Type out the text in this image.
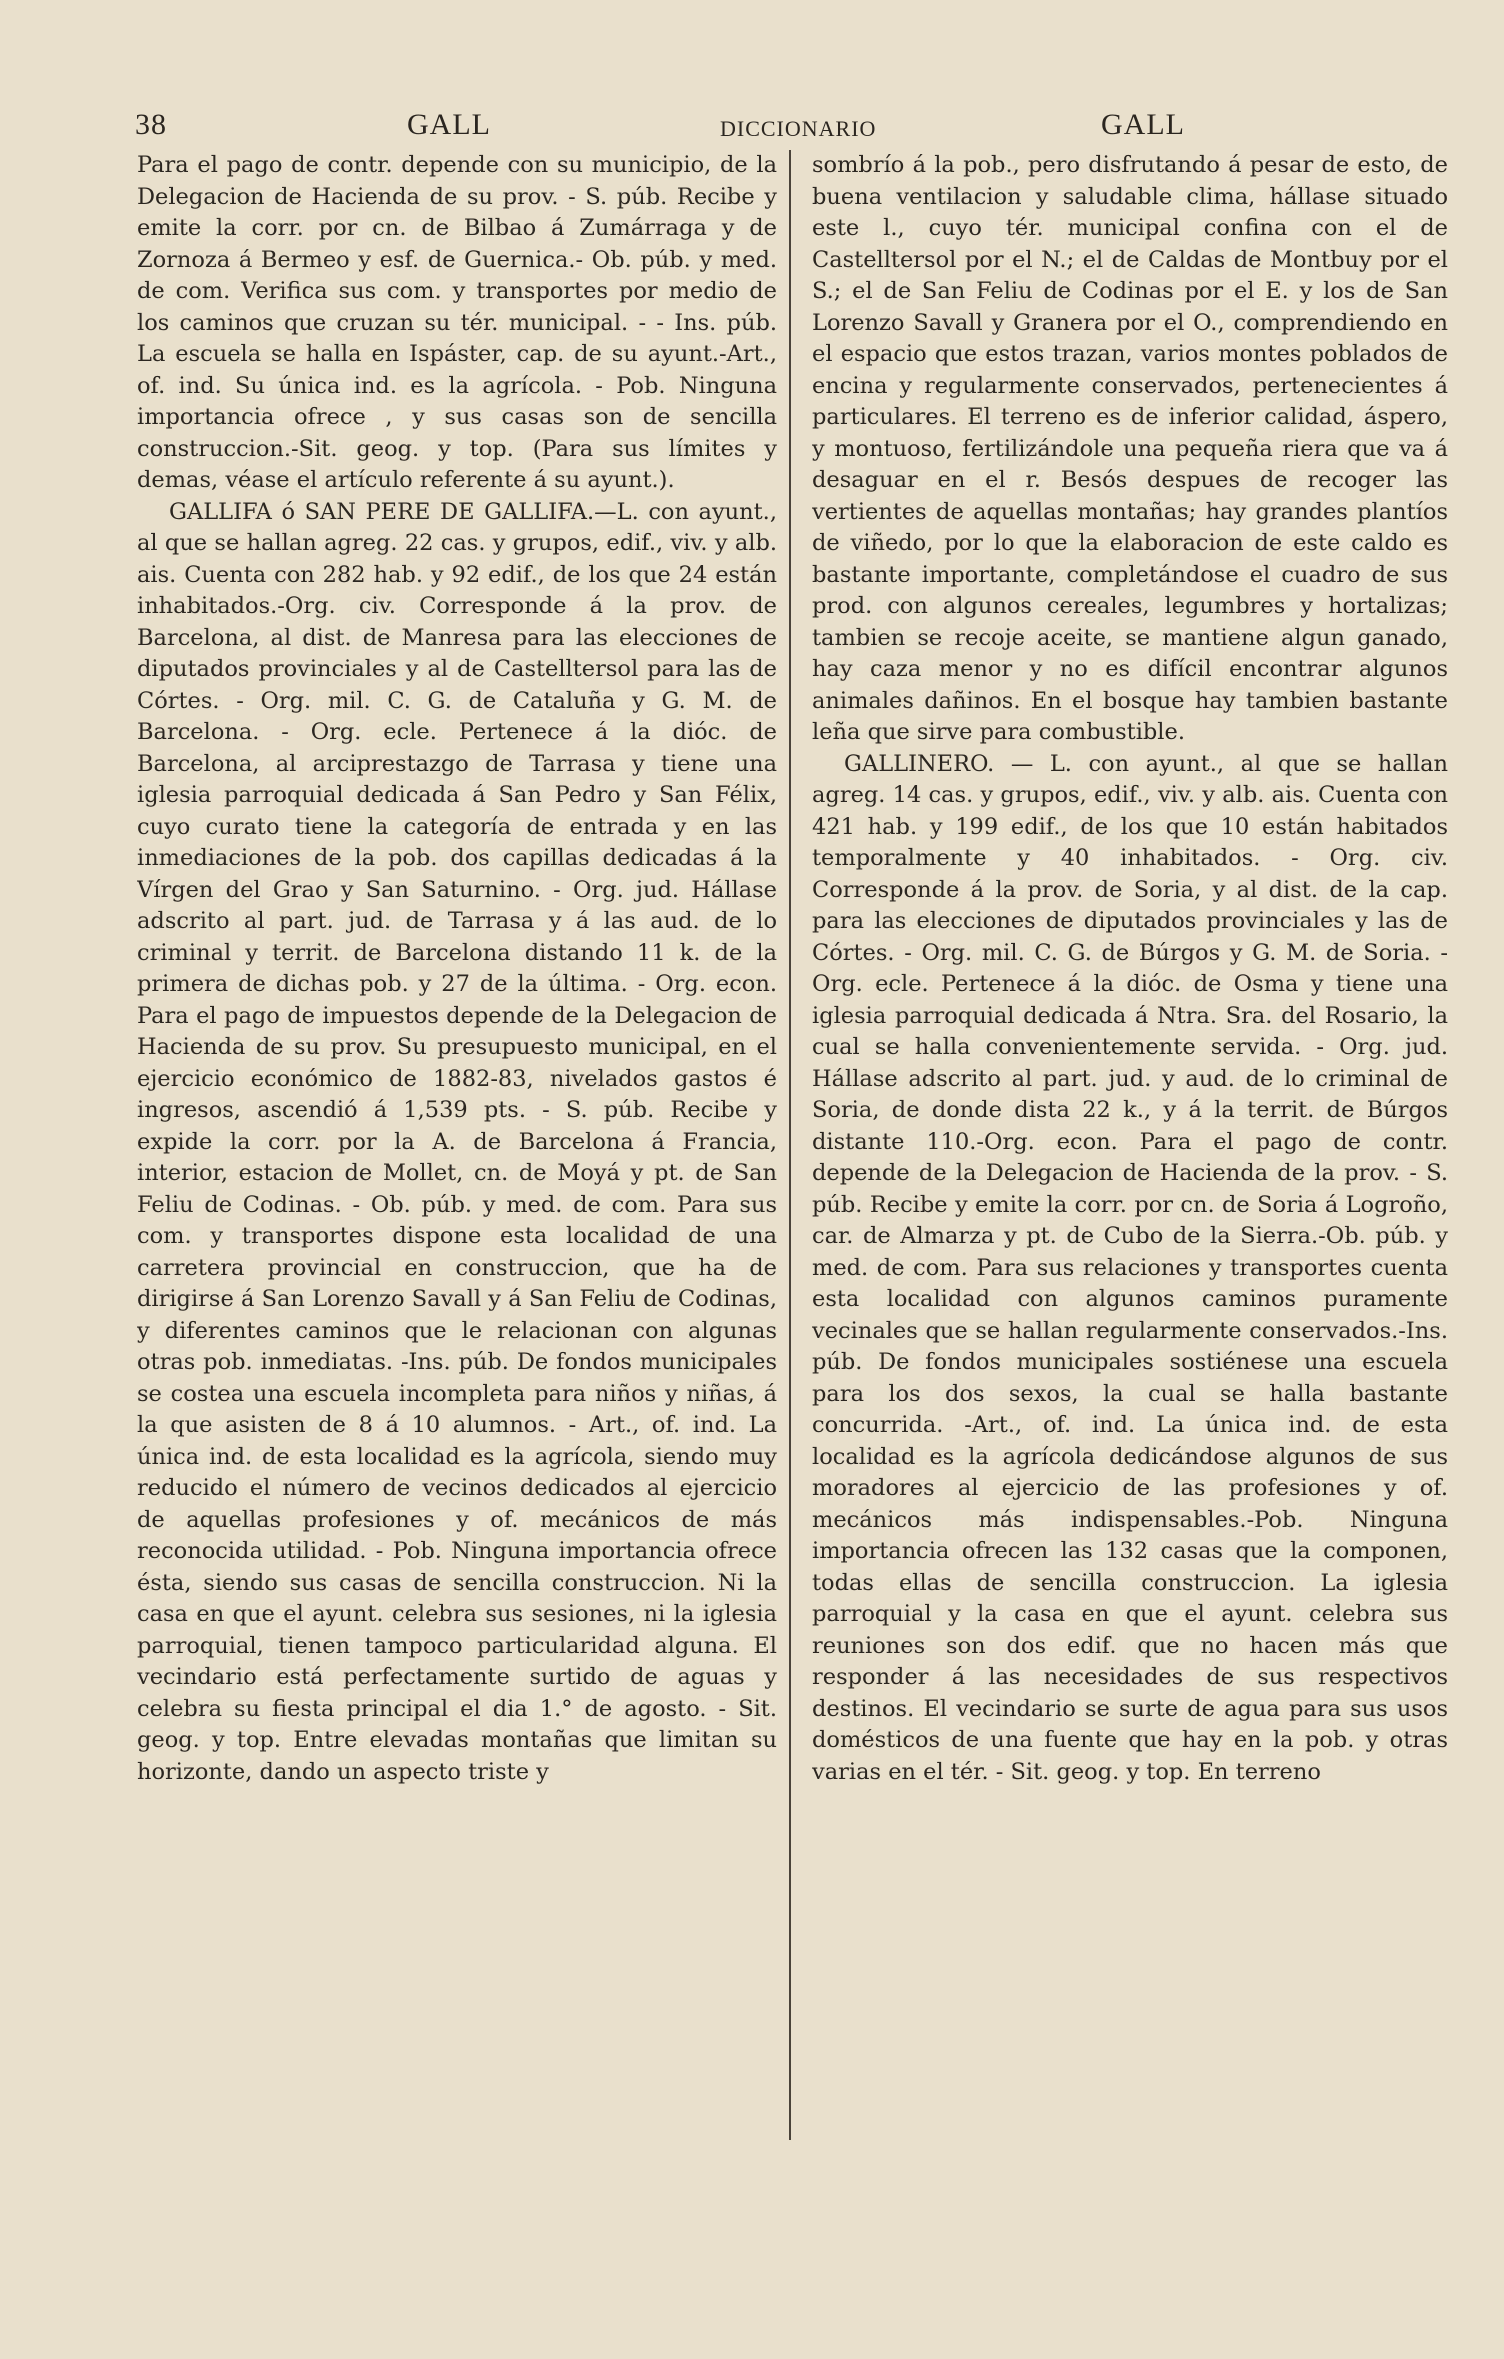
38	GALL	DICCIONARIO	GALL

Para el pago de contr. depende con su municipio, de la Delegacion de Hacienda de su prov. - S. púb. Recibe y emite la corr. por cn. de Bilbao á Zumárraga y de Zornoza á Bermeo y esf. de Guernica.- Ob. púb. y med. de com. Verifica sus com. y transportes por medio de los caminos que cruzan su tér. municipal. - - Ins. púb. La escuela se halla en Ispáster, cap. de su ayunt.-Art., of. ind. Su única ind. es la agrícola. - Pob. Ninguna importancia ofrece , y sus casas son de sencilla construccion.-Sit. geog. y top. (Para sus límites y demas, véase el artículo referente á su ayunt.).

GALLIFA ó SAN PERE DE GALLIFA.—L. con ayunt., al que se hallan agreg. 22 cas. y grupos, edif., viv. y alb. ais. Cuenta con 282 hab. y 92 edif., de los que 24 están inhabitados.-Org. civ. Corresponde á la prov. de Barcelona, al dist. de Manresa para las elecciones de diputados provinciales y al de Castelltersol para las de Córtes. - Org. mil. C. G. de Cataluña y G. M. de Barcelona. - Org. ecle. Pertenece á la dióc. de Barcelona, al arciprestazgo de Tarrasa y tiene una iglesia parroquial dedicada á San Pedro y San Félix, cuyo curato tiene la categoría de entrada y en las inmediaciones de la pob. dos capillas dedicadas á la Vírgen del Grao y San Saturnino. - Org. jud. Hállase adscrito al part. jud. de Tarrasa y á las aud. de lo criminal y territ. de Barcelona distando 11 k. de la primera de dichas pob. y 27 de la última. - Org. econ. Para el pago de impuestos depende de la Delegacion de Hacienda de su prov. Su presupuesto municipal, en el ejercicio económico de 1882-83, nivelados gastos é ingresos, ascendió á 1,539 pts. - S. púb. Recibe y expide la corr. por la A. de Barcelona á Francia, interior, estacion de Mollet, cn. de Moyá y pt. de San Feliu de Codinas. - Ob. púb. y med. de com. Para sus com. y transportes dispone esta localidad de una carretera provincial en construccion, que ha de dirigirse á San Lorenzo Savall y á San Feliu de Codinas, y diferentes caminos que le relacionan con algunas otras pob. inmediatas. -Ins. púb. De fondos municipales se costea una escuela incompleta para niños y niñas, á la que asisten de 8 á 10 alumnos. - Art., of. ind. La única ind. de esta localidad es la agrícola, siendo muy reducido el número de vecinos dedicados al ejercicio de aquellas profesiones y of. mecánicos de más reconocida utilidad. - Pob. Ninguna importancia ofrece ésta, siendo sus casas de sencilla construccion. Ni la casa en que el ayunt. celebra sus sesiones, ni la iglesia parroquial, tienen tampoco particularidad alguna. El vecindario está perfectamente surtido de aguas y celebra su fiesta principal el dia 1.° de agosto. - Sit. geog. y top. Entre elevadas montañas que limitan su horizonte, dando un aspecto triste y

sombrío á la pob., pero disfrutando á pesar de esto, de buena ventilacion y saludable clima, hállase situado este l., cuyo tér. municipal confina con el de Castelltersol por el N.; el de Caldas de Montbuy por el S.; el de San Feliu de Codinas por el E. y los de San Lorenzo Savall y Granera por el O., comprendiendo en el espacio que estos trazan, varios montes poblados de encina y regularmente conservados, pertenecientes á particulares. El terreno es de inferior calidad, áspero, y montuoso, fertilizándole una pequeña riera que va á desaguar en el r. Besós despues de recoger las vertientes de aquellas montañas; hay grandes plantíos de viñedo, por lo que la elaboracion de este caldo es bastante importante, completándose el cuadro de sus prod. con algunos cereales, legumbres y hortalizas; tambien se recoje aceite, se mantiene algun ganado, hay caza menor y no es difícil encontrar algunos animales dañinos. En el bosque hay tambien bastante leña que sirve para combustible.

GALLINERO. — L. con ayunt., al que se hallan agreg. 14 cas. y grupos, edif., viv. y alb. ais. Cuenta con 421 hab. y 199 edif., de los que 10 están habitados temporalmente y 40 inhabitados. - Org. civ. Corresponde á la prov. de Soria, y al dist. de la cap. para las elecciones de diputados provinciales y las de Córtes. - Org. mil. C. G. de Búrgos y G. M. de Soria. - Org. ecle. Pertenece á la dióc. de Osma y tiene una iglesia parroquial dedicada á Ntra. Sra. del Rosario, la cual se halla convenientemente servida. - Org. jud. Hállase adscrito al part. jud. y aud. de lo criminal de Soria, de donde dista 22 k., y á la territ. de Búrgos distante 110.-Org. econ. Para el pago de contr. depende de la Delegacion de Hacienda de la prov. - S. púb. Recibe y emite la corr. por cn. de Soria á Logroño, car. de Almarza y pt. de Cubo de la Sierra.-Ob. púb. y med. de com. Para sus relaciones y transportes cuenta esta localidad con algunos caminos puramente vecinales que se hallan regularmente conservados.-Ins. púb. De fondos municipales sostiénese una escuela para los dos sexos, la cual se halla bastante concurrida. -Art., of. ind. La única ind. de esta localidad es la agrícola dedicándose algunos de sus moradores al ejercicio de las profesiones y of. mecánicos más indispensables.-Pob. Ninguna importancia ofrecen las 132 casas que la componen, todas ellas de sencilla construccion. La iglesia parroquial y la casa en que el ayunt. celebra sus reuniones son dos edif. que no hacen más que responder á las necesidades de sus respectivos destinos. El vecindario se surte de agua para sus usos domésticos de una fuente que hay en la pob. y otras varias en el tér. - Sit. geog. y top. En terreno
